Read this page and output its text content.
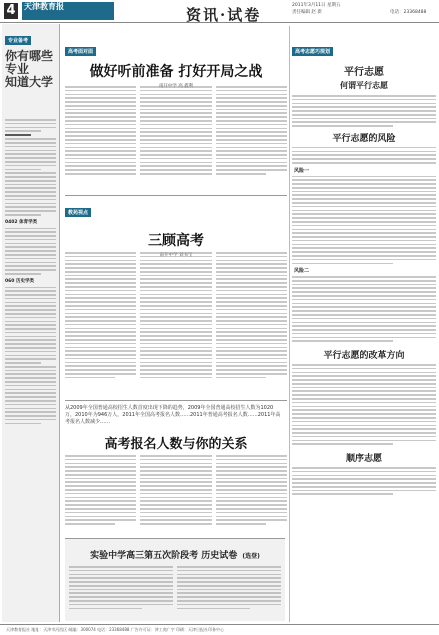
4	天津教育报	资讯·试卷
2011年3月11日 星期五
责任编辑 赵 新	电话：23368488
专业备考
你有哪些专业
知道大学
0402 体育学类
060 历史学类
高考面对面
做好听前准备 打好开局之战
教苑视点
三顾高考
从2009年全国普通高校招生人数首度出现下降的趋势，2009年全国普通高校招生人数为1020万，2010年为946万人，2011年全国高考报名人数……2011年普通高考报名人数……2011年高考报名人数减少……
高考报名人数与你的关系
实验中学高三第五次阶段考 历史试卷 (选登)
高考志愿巧规划
平行志愿
何谓平行志愿
平行志愿的风险
风险一
风险二
平行志愿的改革方向
顺序志愿
天津教育报社 地址：天津市河西区 邮编：300074 电话：23368488 广告许可证：津工商广字 印刷：天津日报社印务中心
